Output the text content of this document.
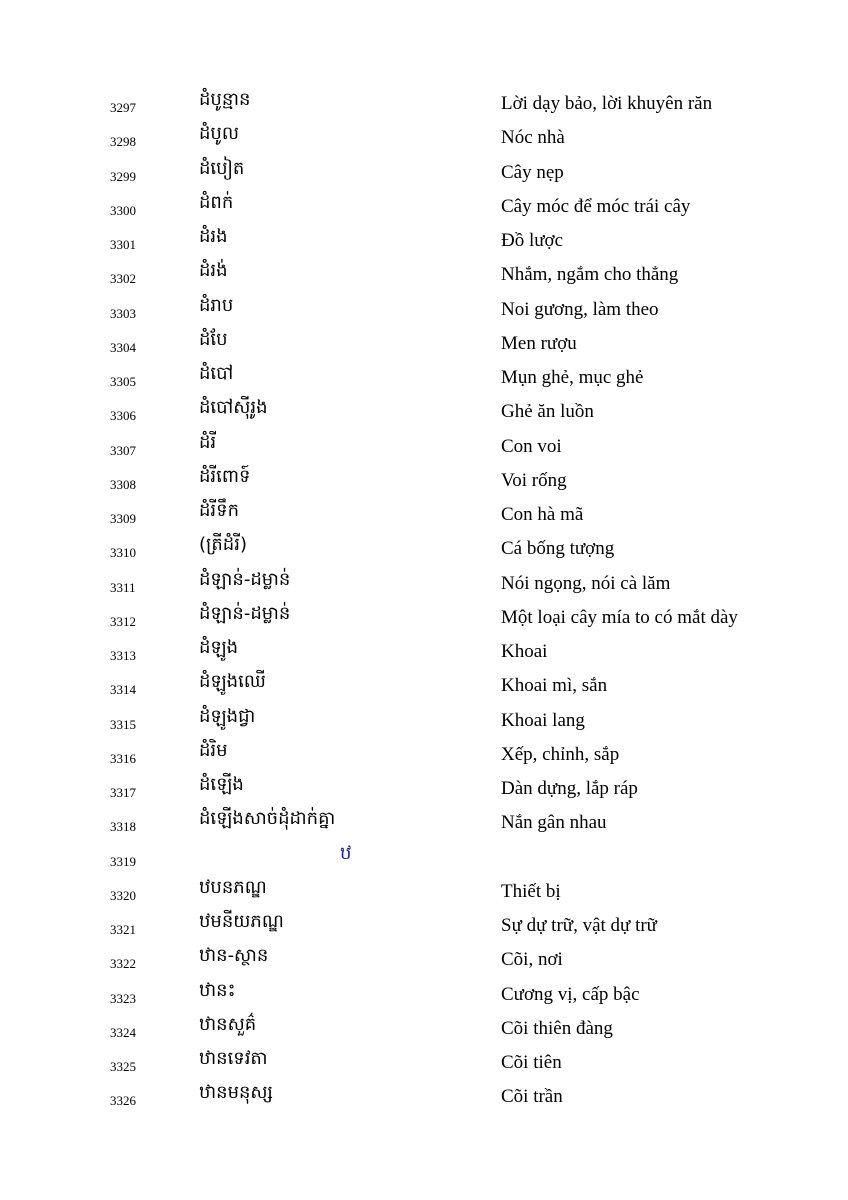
3297	ដំបូន្មាន	Lời dạy bảo, lời khuyên răn
3298	ដំបូល	Nóc nhà
3299	ដំបៀត	Cây nẹp
3300	ដំពក់	Cây móc để móc trái cây
3301	ដំរង	Đồ lược
3302	ដំរង់	Nhắm, ngắm cho thẳng
3303	ដំរាប	Noi gương, làm theo
3304	ដំបែ	Men rượu
3305	ដំបៅ	Mụn ghẻ, mục ghẻ
3306	ដំបៅស៊ីរូង	Ghẻ ăn luồn
3307	ដំរី	Con voi
3308	ដំរីពោទ៍	Voi rống
3309	ដំរីទឹក	Con hà mã
3310	(ត្រីដំរី)	Cá bống tượng
3311	ដំឡាន់-ដម្លាន់	Nói ngọng, nói cà lăm
3312	ដំឡាន់-ដម្លាន់	Một loại cây mía to có mắt dày
3313	ដំឡូង	Khoai
3314	ដំឡូងឈើ	Khoai mì, sắn
3315	ដំឡូងជ្វា	Khoai lang
3316	ដំរិម	Xếp, chỉnh, sắp
3317	ដំឡើង	Dàn dựng, lắp ráp
3318	ដំឡើងសាច់ដុំដាក់គ្នា	Nắn gân nhau
3319	ឋ
3320	ឋបនភណ្ឌ	Thiết bị
3321	ឋមនីយភណ្ឌ	Sự dự trữ, vật dự trữ
3322	ឋាន-ស្ថាន	Cõi, nơi
3323	ឋានះ	Cương vị, cấp bậc
3324	ឋានសួគ៌	Cõi thiên đàng
3325	ឋានទេវតា	Cõi tiên
3326	ឋានមនុស្ស	Cõi trần
